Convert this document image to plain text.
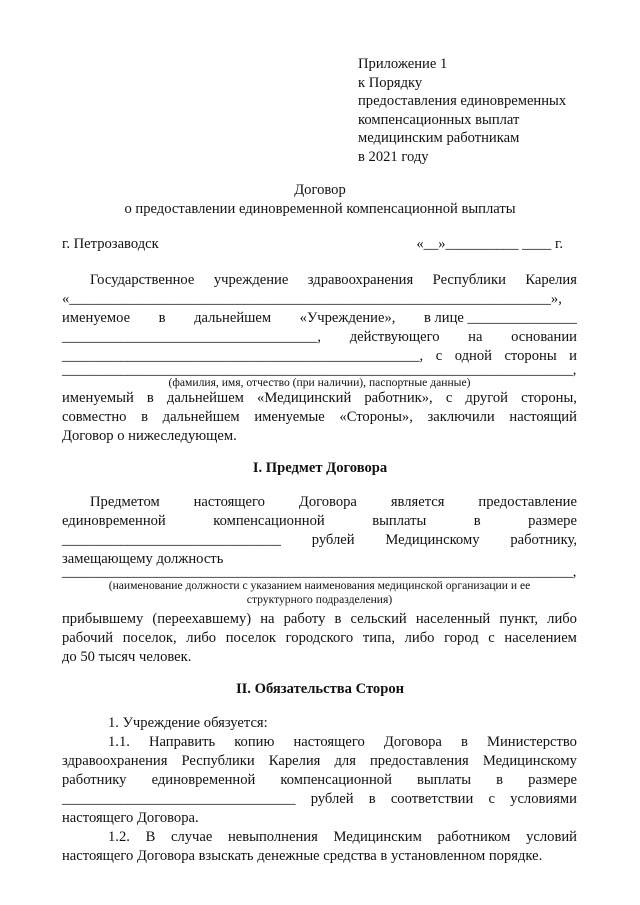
Приложение 1
к Порядку
предоставления единовременных
компенсационных выплат
медицинским работникам
в 2021 году
Договор
о предоставлении единовременной компенсационной выплаты
г. Петрозаводск	«__»__________ ____ г.
Государственное учреждение здравоохранения Республики Карелия
«__________________________________________________________________»,
именуемое в дальнейшем «Учреждение», в лице _______________
___________________________________, действующего на основании
_________________________________________________, с одной стороны и
______________________________________________________________________,
(фамилия, имя, отчество (при наличии), паспортные данные)
именуемый в дальнейшем «Медицинский работник», с другой стороны,
совместно в дальнейшем именуемые «Стороны», заключили настоящий
Договор о нижеследующем.
I. Предмет Договора
Предметом настоящего Договора является предоставление
единовременной	компенсационной	выплаты	в	размере
______________________________ рублей Медицинскому работнику,
замещающему должность
______________________________________________________________________,
(наименование должности с указанием наименования медицинской организации и ее
структурного подразделения)
прибывшему (переехавшему) на работу в сельский населенный пункт, либо
рабочий поселок, либо поселок городского типа, либо город с населением
до 50 тысяч человек.
II. Обязательства Сторон
1. Учреждение обязуется:
1.1. Направить копию настоящего Договора в Министерство
здравоохранения Республики Карелия для предоставления Медицинскому
работнику единовременной компенсационной выплаты в размере
________________________________ рублей в соответствии с условиями
настоящего Договора.
1.2. В случае невыполнения Медицинским работником условий
настоящего Договора взыскать денежные средства в установленном порядке.
